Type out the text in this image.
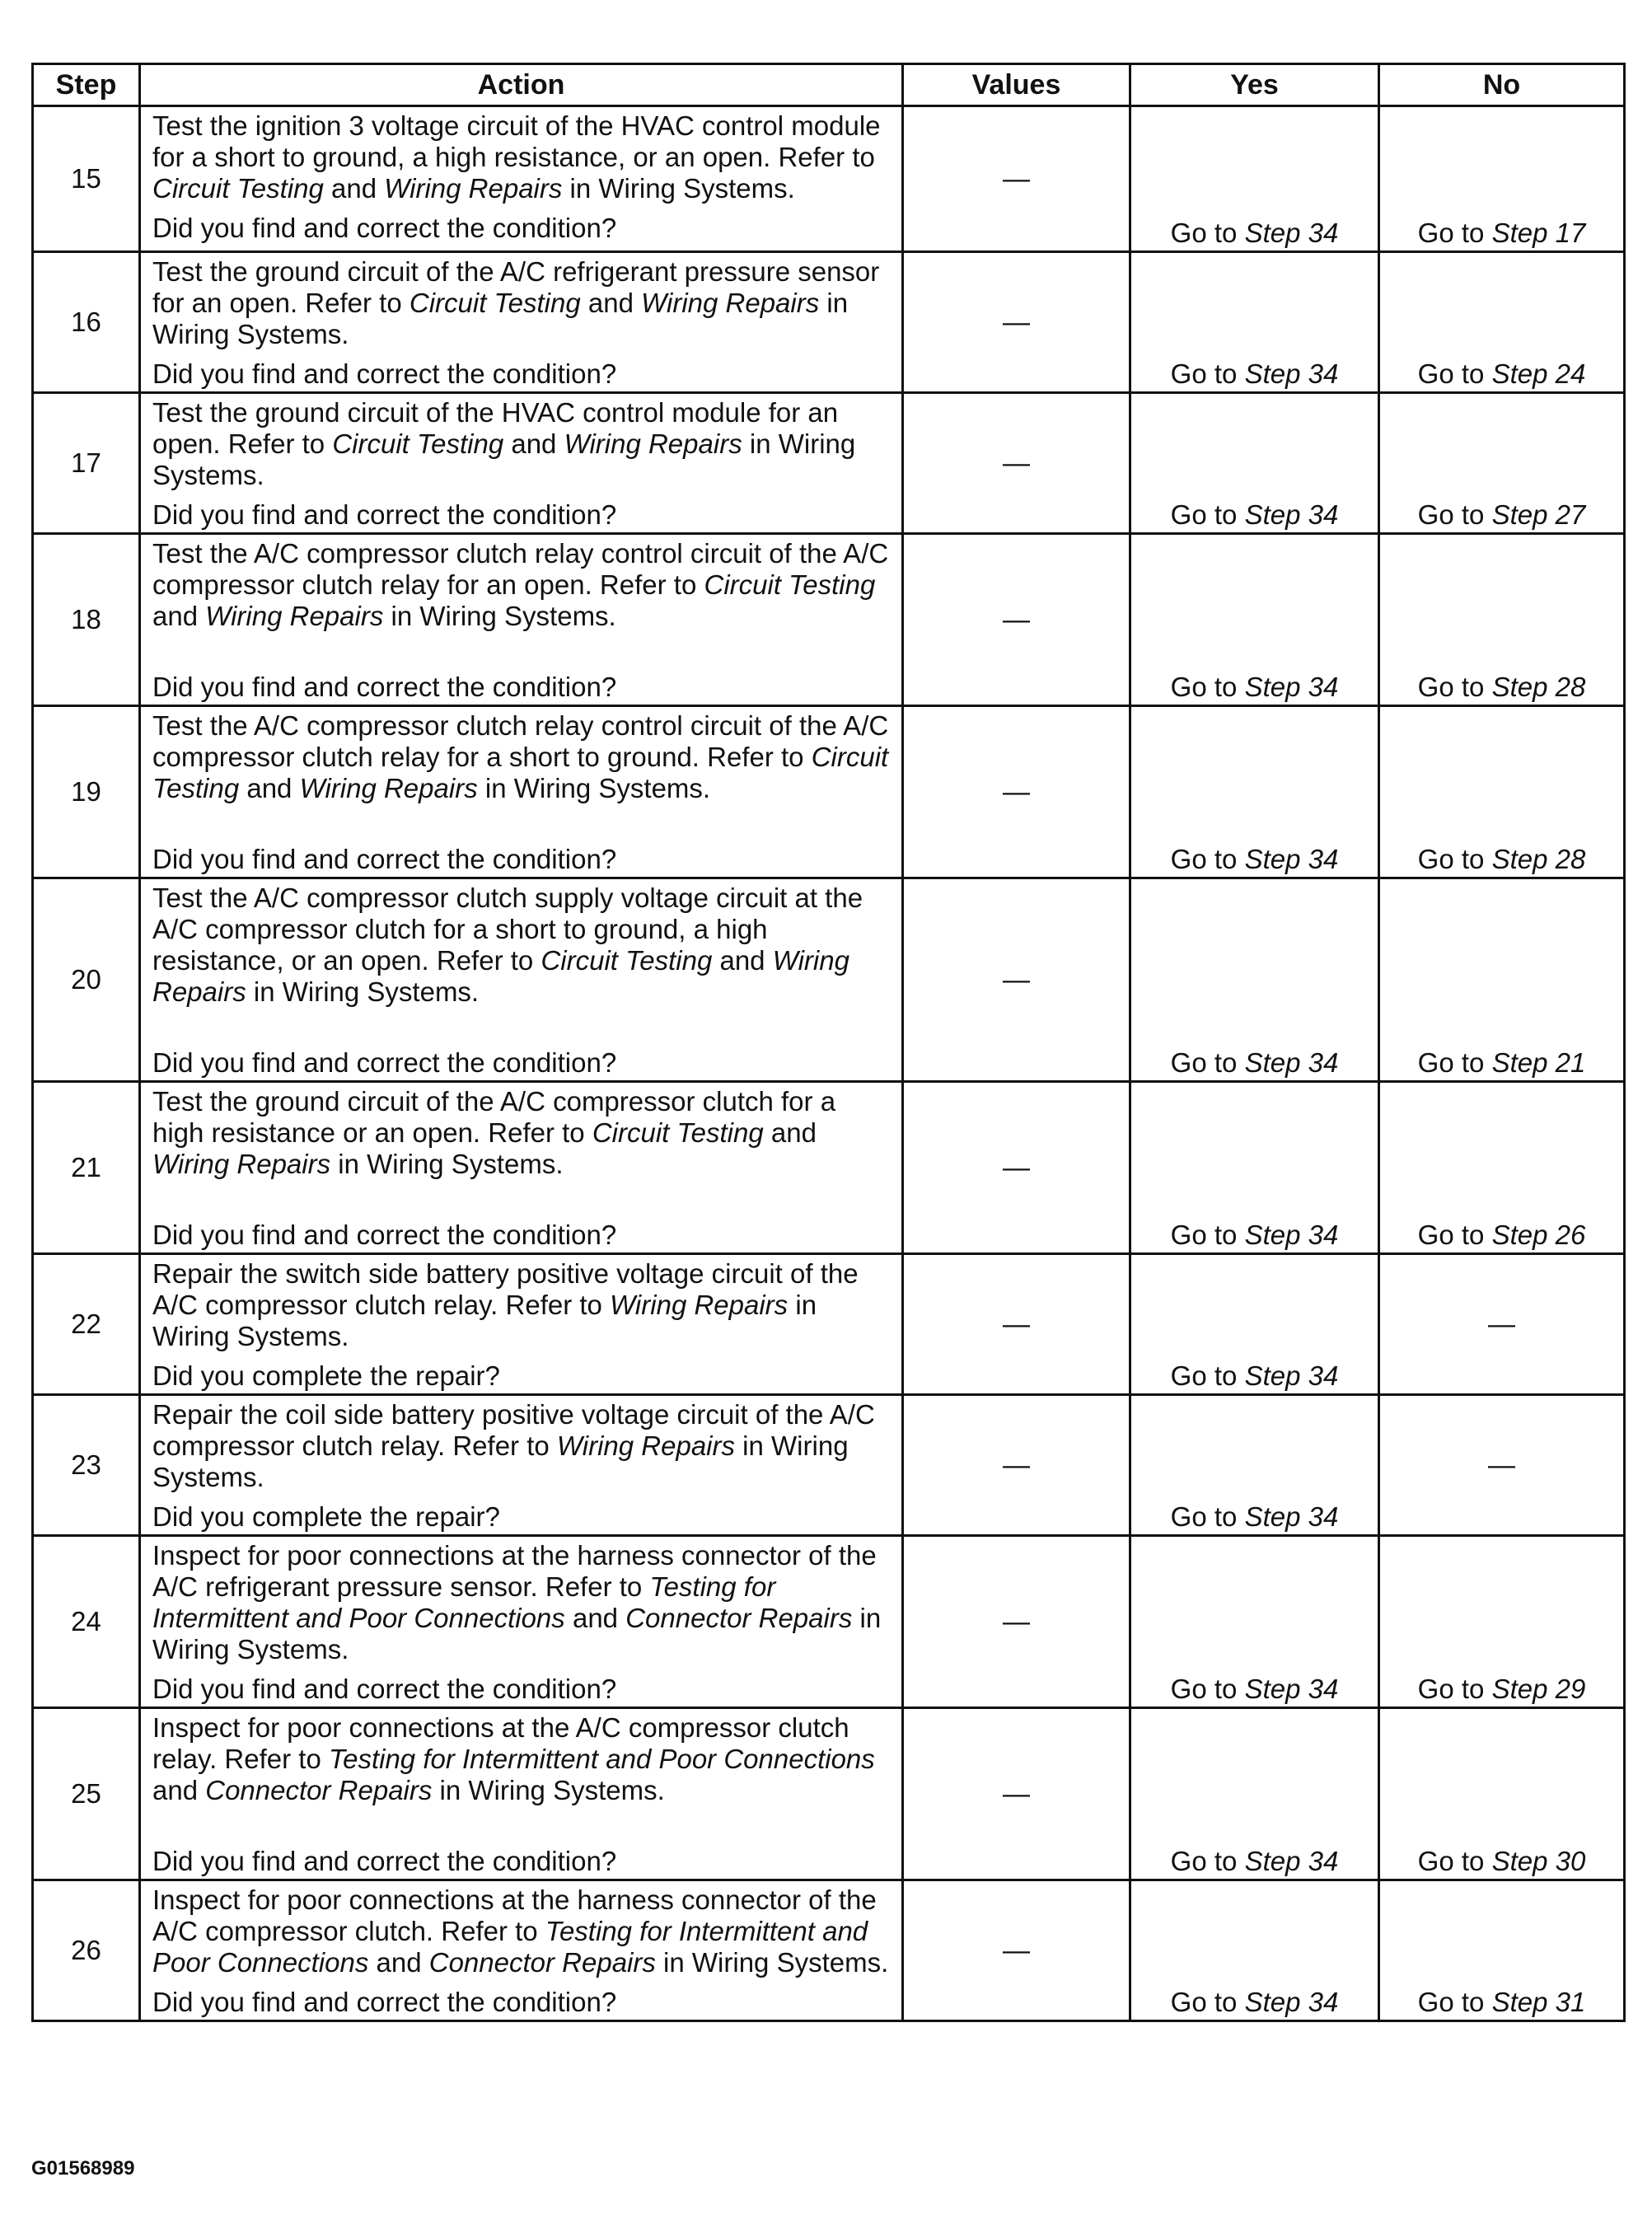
Step	Action	Values	Yes	No
15	Test the ignition 3 voltage circuit of the HVAC control module for a short to ground, a high resistance, or an open. Refer to Circuit Testing and Wiring Repairs in Wiring Systems.
Did you find and correct the condition?	—	Go to Step 34	Go to Step 17
16	Test the ground circuit of the A/C refrigerant pressure sensor for an open. Refer to Circuit Testing and Wiring Repairs in Wiring Systems.
Did you find and correct the condition?	—	Go to Step 34	Go to Step 24
17	Test the ground circuit of the HVAC control module for an open. Refer to Circuit Testing and Wiring Repairs in Wiring Systems.
Did you find and correct the condition?	—	Go to Step 34	Go to Step 27
18	Test the A/C compressor clutch relay control circuit of the A/C compressor clutch relay for an open. Refer to Circuit Testing and Wiring Repairs in Wiring Systems.
Did you find and correct the condition?	—	Go to Step 34	Go to Step 28
19	Test the A/C compressor clutch relay control circuit of the A/C compressor clutch relay for a short to ground. Refer to Circuit Testing and Wiring Repairs in Wiring Systems.
Did you find and correct the condition?	—	Go to Step 34	Go to Step 28
20	Test the A/C compressor clutch supply voltage circuit at the A/C compressor clutch for a short to ground, a high resistance, or an open. Refer to Circuit Testing and Wiring Repairs in Wiring Systems.
Did you find and correct the condition?	—	Go to Step 34	Go to Step 21
21	Test the ground circuit of the A/C compressor clutch for a high resistance or an open. Refer to Circuit Testing and Wiring Repairs in Wiring Systems.
Did you find and correct the condition?	—	Go to Step 34	Go to Step 26
22	Repair the switch side battery positive voltage circuit of the A/C compressor clutch relay. Refer to Wiring Repairs in Wiring Systems.
Did you complete the repair?	—	Go to Step 34	—
23	Repair the coil side battery positive voltage circuit of the A/C compressor clutch relay. Refer to Wiring Repairs in Wiring Systems.
Did you complete the repair?	—	Go to Step 34	—
24	Inspect for poor connections at the harness connector of the A/C refrigerant pressure sensor. Refer to Testing for Intermittent and Poor Connections and Connector Repairs in Wiring Systems.
Did you find and correct the condition?	—	Go to Step 34	Go to Step 29
25	Inspect for poor connections at the A/C compressor clutch relay. Refer to Testing for Intermittent and Poor Connections and Connector Repairs in Wiring Systems.
Did you find and correct the condition?	—	Go to Step 34	Go to Step 30
26	Inspect for poor connections at the harness connector of the A/C compressor clutch. Refer to Testing for Intermittent and Poor Connections and Connector Repairs in Wiring Systems.
Did you find and correct the condition?	—	Go to Step 34	Go to Step 31
G01568989
